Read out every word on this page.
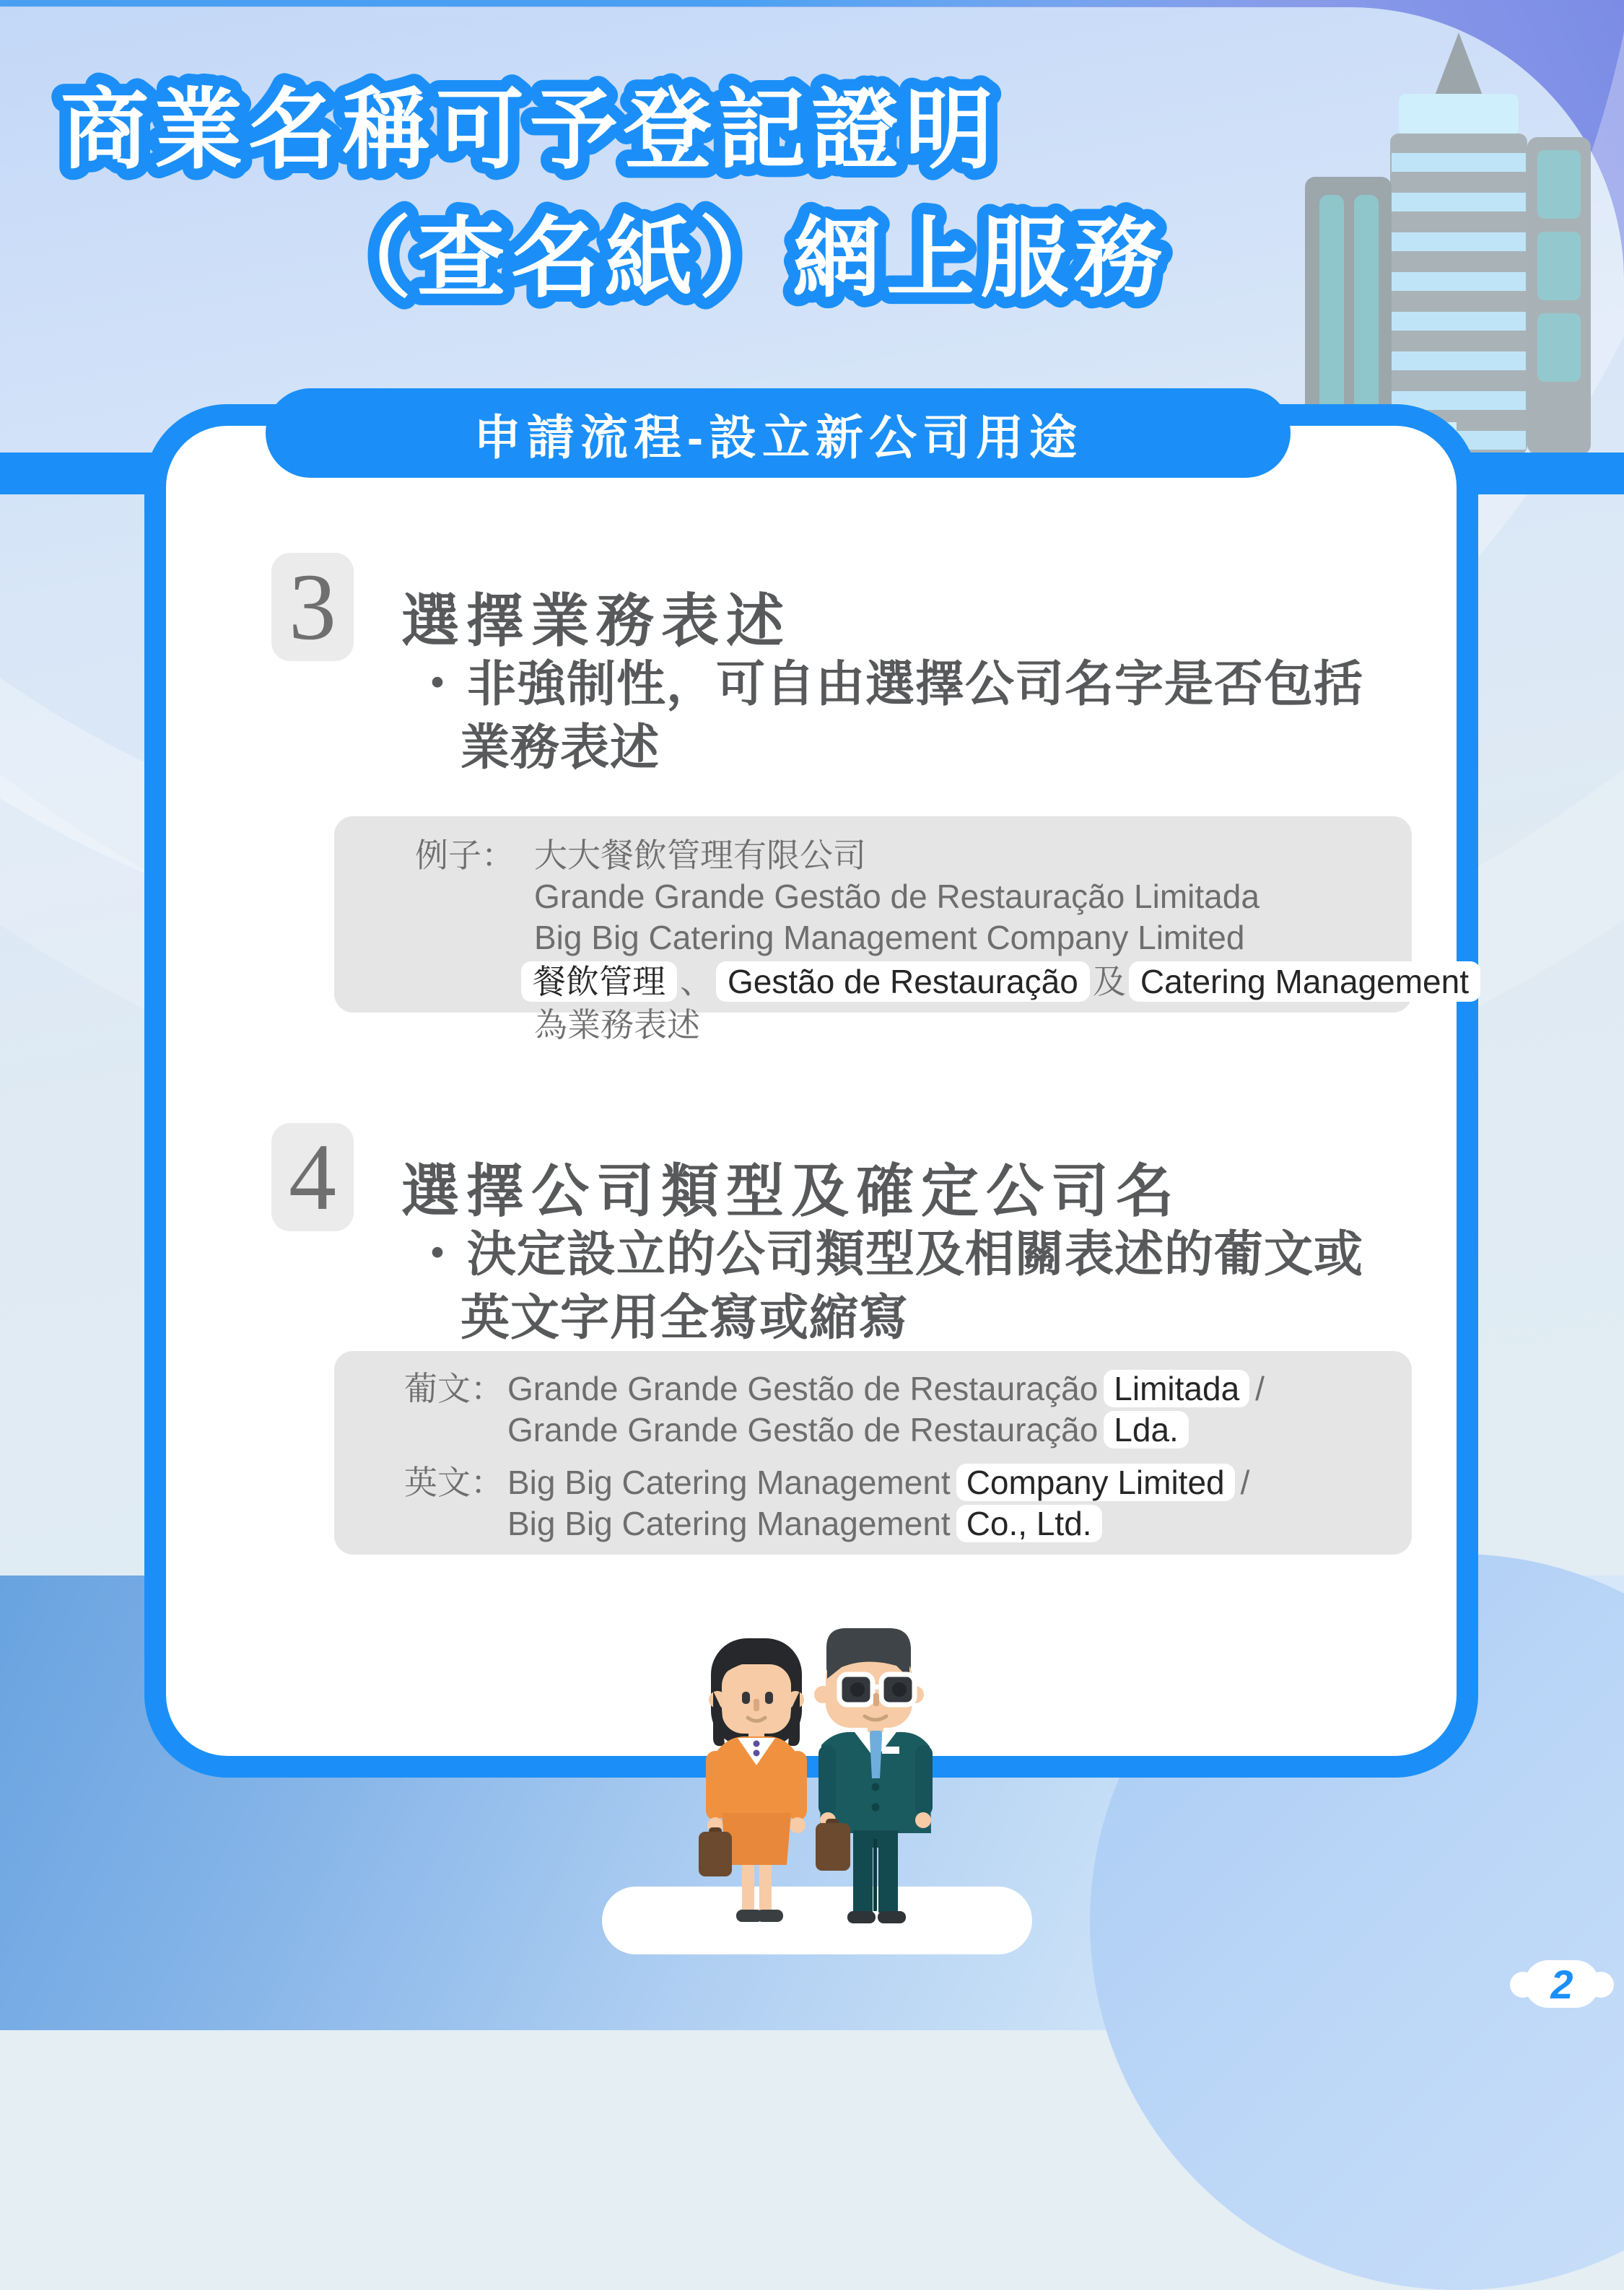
申請流程-設立新公司用途
商業名稱可予登記證明
（查名紙）網上服務
3 選擇業務表述
・非強制性，可自由選擇公司名字是否包括
業務表述
例子： 大大餐飲管理有限公司
Grande Grande Gestão de Restauração Limitada
Big Big Catering Management Company Limited
餐飲管理 、 Gestão de Restauração 及 Catering Management
為業務表述
4 選擇公司類型及確定公司名
・決定設立的公司類型及相關表述的葡文或
英文字用全寫或縮寫
葡文： Grande Grande Gestão de Restauração Limitada /
Grande Grande Gestão de Restauração Lda.
英文： Big Big Catering Management Company Limited /
Big Big Catering Management Co., Ltd.
2
